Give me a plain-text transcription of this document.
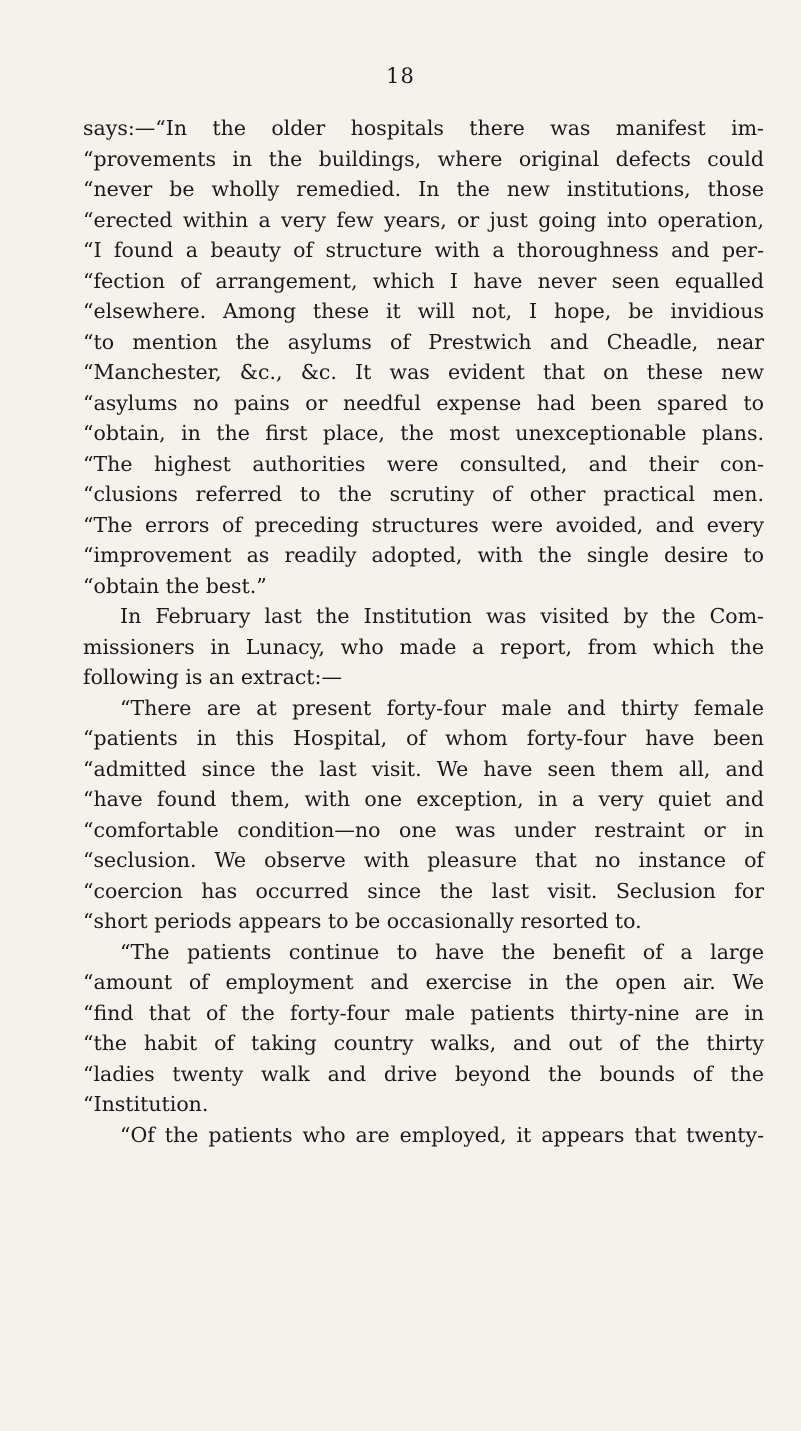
18
says:—“In the older hospitals there was manifest im-
“provements in the buildings, where original defects could
“never be wholly remedied. In the new institutions, those
“erected within a very few years, or just going into operation,
“I found a beauty of structure with a thoroughness and per-
“fection of arrangement, which I have never seen equalled
“elsewhere. Among these it will not, I hope, be invidious
“to mention the asylums of Prestwich and Cheadle, near
“Manchester, &c., &c. It was evident that on these new
“asylums no pains or needful expense had been spared to
“obtain, in the first place, the most unexceptionable plans.
“The highest authorities were consulted, and their con-
“clusions referred to the scrutiny of other practical men.
“The errors of preceding structures were avoided, and every
“improvement as readily adopted, with the single desire to
“obtain the best.”
In February last the Institution was visited by the Com-
missioners in Lunacy, who made a report, from which the
following is an extract:—
“There are at present forty-four male and thirty female
“patients in this Hospital, of whom forty-four have been
“admitted since the last visit. We have seen them all, and
“have found them, with one exception, in a very quiet and
“comfortable condition—no one was under restraint or in
“seclusion. We observe with pleasure that no instance of
“coercion has occurred since the last visit. Seclusion for
“short periods appears to be occasionally resorted to.
“The patients continue to have the benefit of a large
“amount of employment and exercise in the open air. We
“find that of the forty-four male patients thirty-nine are in
“the habit of taking country walks, and out of the thirty
“ladies twenty walk and drive beyond the bounds of the
“Institution.
“Of the patients who are employed, it appears that twenty-
